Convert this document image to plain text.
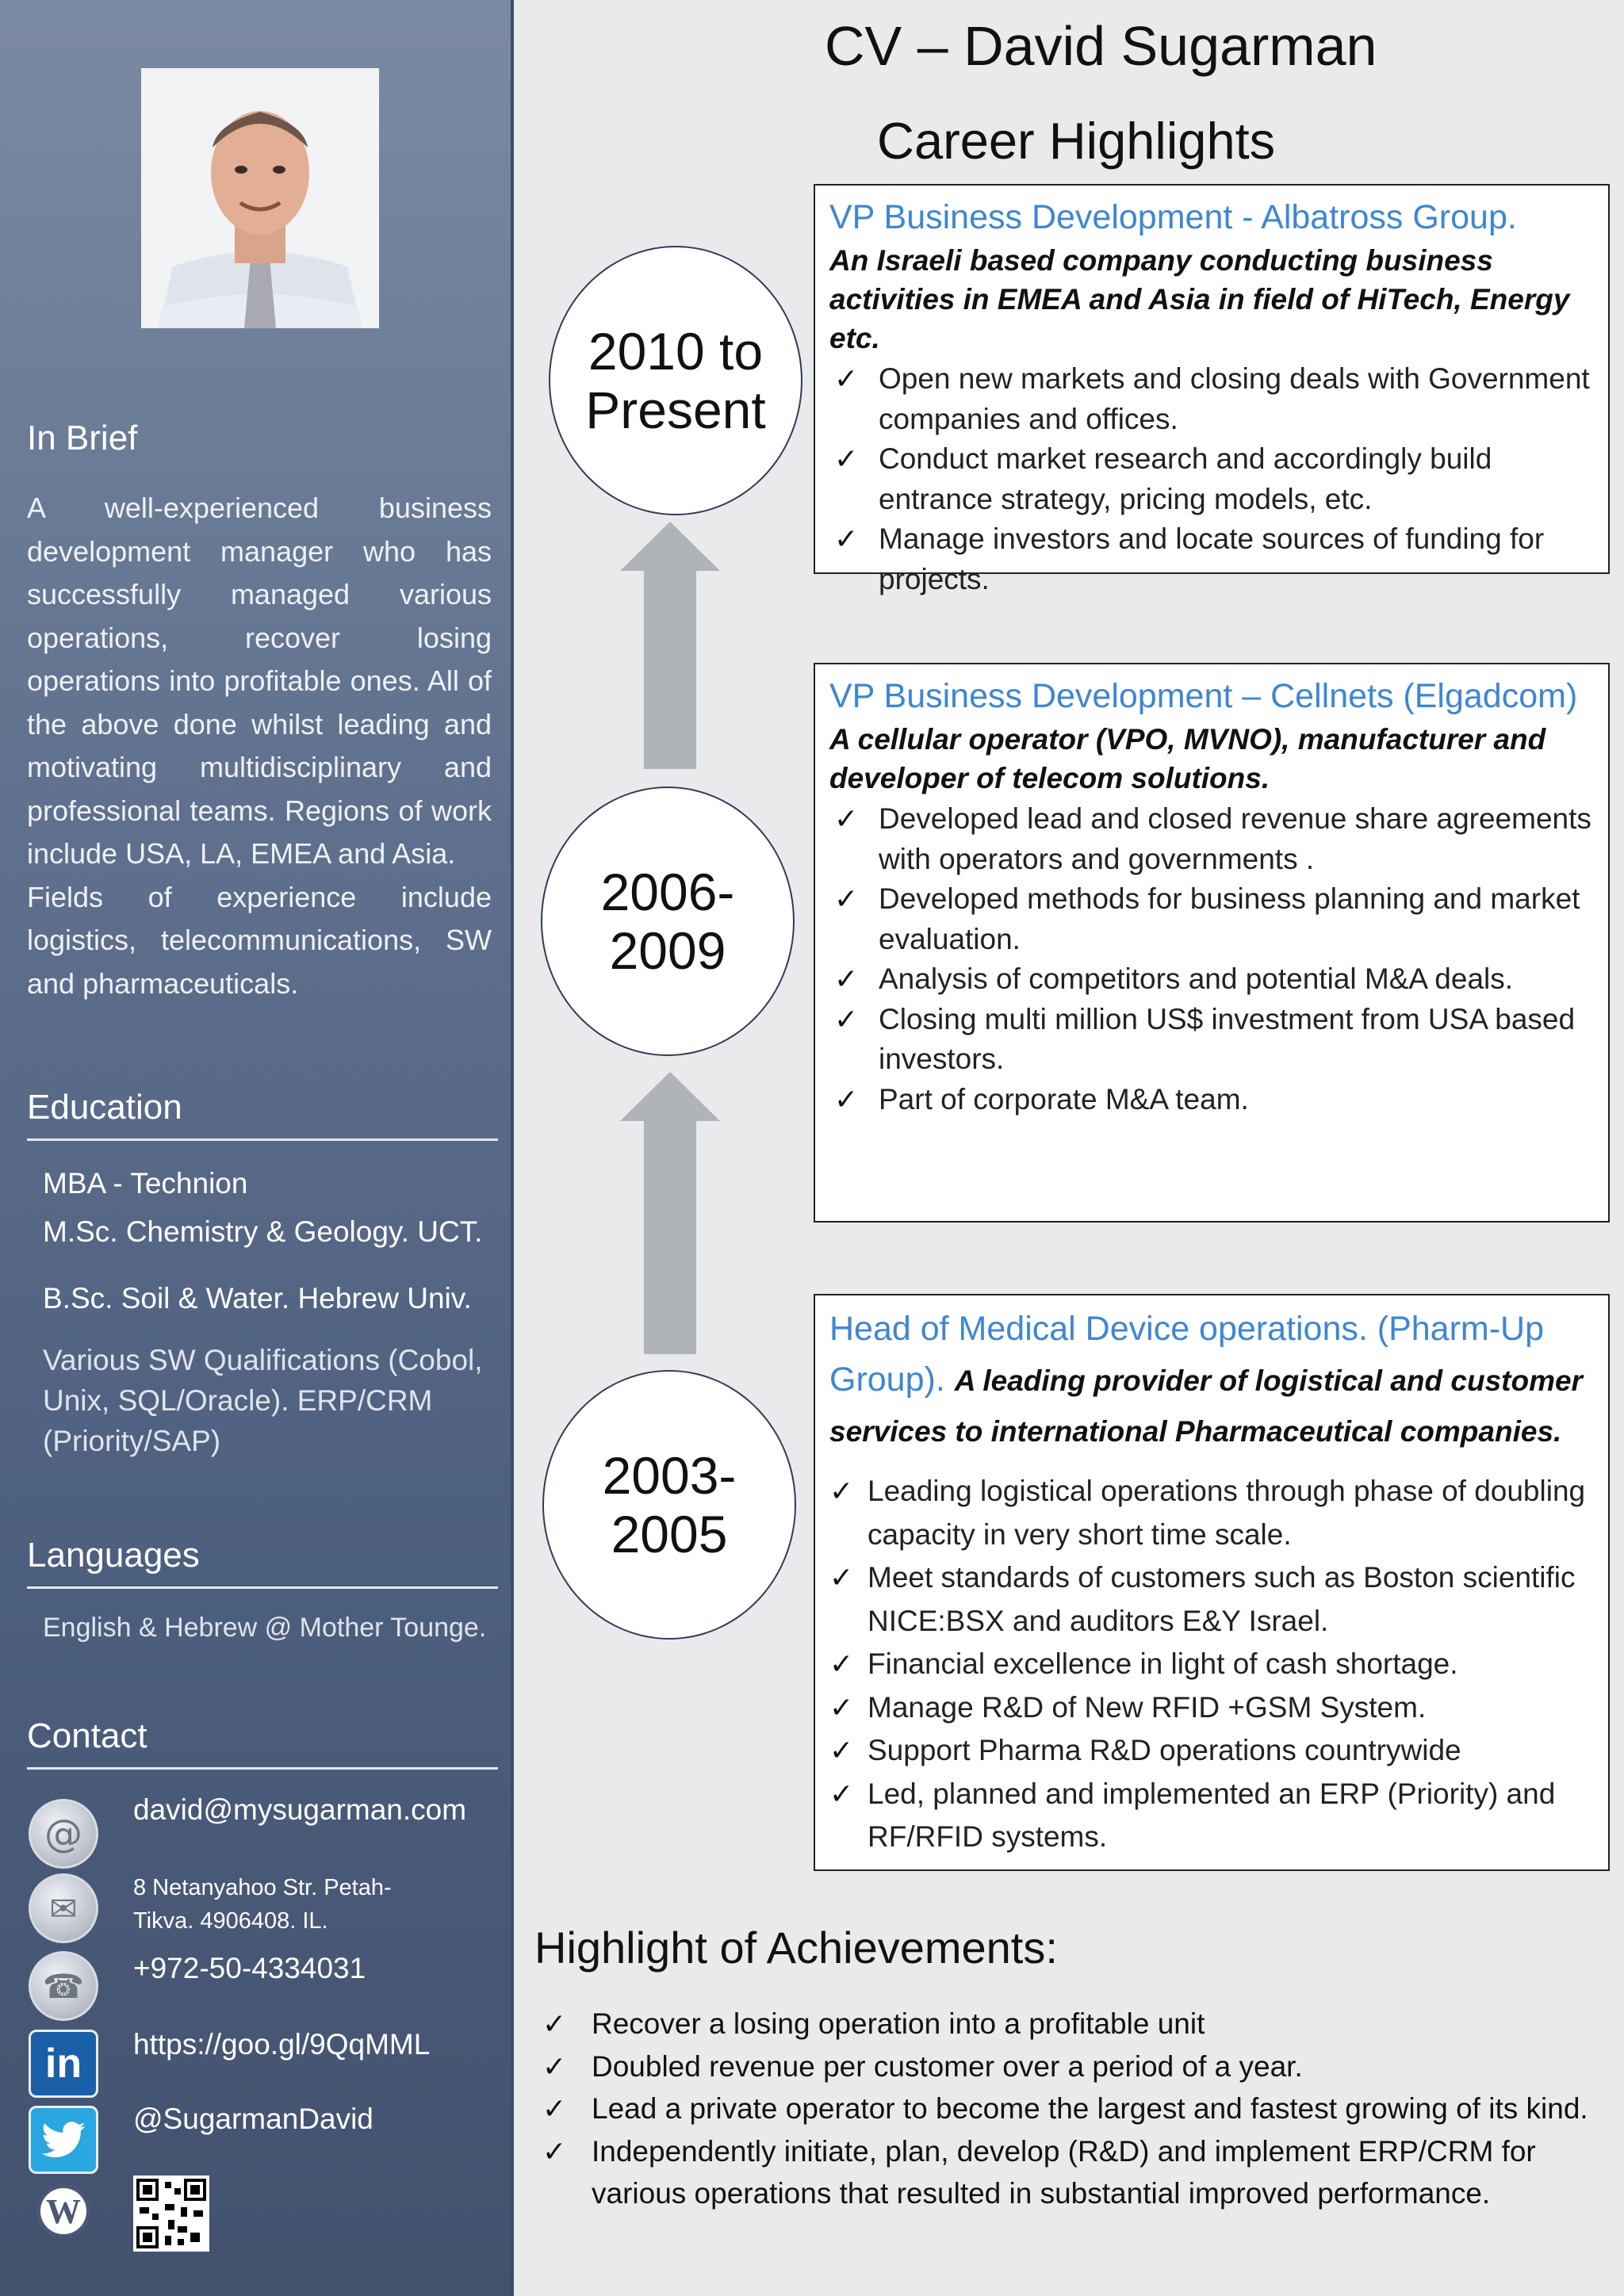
In Brief

A well-experienced business development manager who has successfully managed various operations, recover losing operations into profitable ones. All of the above done whilst leading and motivating multidisciplinary and professional teams. Regions of work include USA, LA, EMEA and Asia.

Fields of experience include logistics, telecommunications, SW and pharmaceuticals.

Education
MBA - Technion
M.Sc. Chemistry & Geology. UCT.
B.Sc. Soil & Water. Hebrew Univ.
Various SW Qualifications (Cobol, Unix, SQL/Oracle). ERP/CRM (Priority/SAP)
Languages
English & Hebrew @ Mother Tounge.
Contact
@
david@mysugarman.com
✉
8 Netanyahoo Str. Petah-Tikva. 4906408. IL.
☎ +972-50-4334031
in https://goo.gl/9QqMML
@SugarmanDavid
W
CV – David Sugarman
Career Highlights
2010 to
Present
2006-
2009
2003-
2005
VP Business Development - Albatross Group.
An Israeli based company conducting business activities in EMEA and Asia in field of HiTech, Energy etc.
✓ Open new markets and closing deals with Government companies and offices.
✓ Conduct market research and accordingly build entrance strategy, pricing models, etc.
✓ Manage investors and locate sources of funding for projects.
VP Business Development – Cellnets (Elgadcom)
A cellular operator (VPO, MVNO), manufacturer and developer of telecom solutions.
✓ Developed lead and closed revenue share agreements with operators and governments .
✓ Developed methods for business planning and market evaluation.
✓ Analysis of competitors and potential M&A deals.
✓ Closing multi million US$ investment from USA based investors.
✓ Part of corporate M&A team.
Head of Medical Device operations. (Pharm-Up Group). A leading provider of logistical and customer services to international Pharmaceutical companies.
✓ Leading logistical operations through phase of doubling capacity in very short time scale.
✓ Meet standards of customers such as Boston scientific NICE:BSX and auditors E&Y Israel.
✓ Financial excellence in light of cash shortage.
✓ Manage R&D of New RFID +GSM System.
✓ Support Pharma R&D operations countrywide
✓ Led, planned and implemented an ERP (Priority) and RF/RFID systems.
Highlight of Achievements:
✓ Recover a losing operation into a profitable unit
✓ Doubled revenue per customer over a period of a year.
✓ Lead a private operator to become the largest and fastest growing of its kind.
✓ Independently initiate, plan, develop (R&D) and implement ERP/CRM for various operations that resulted in substantial improved performance.
